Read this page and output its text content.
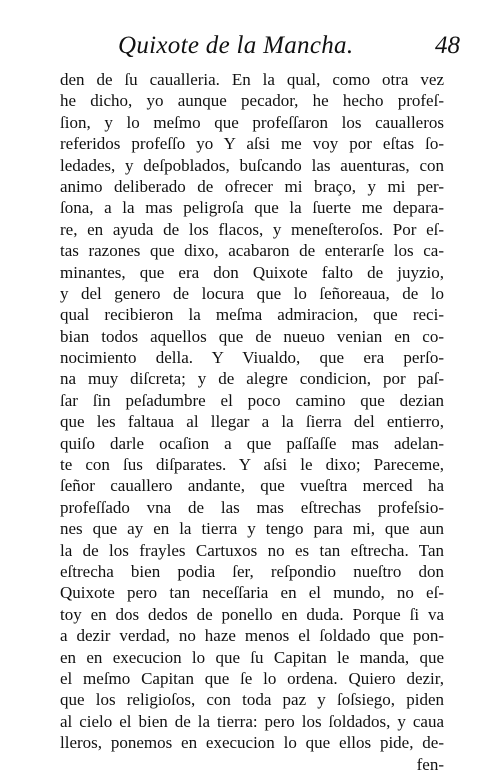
Quixote de la Mancha.	48
den de ſu caualleria. En la qual, como otra vez
he dicho, yo aunque pecador, he hecho profeſ-
ſion, y lo meſmo que profeſſaron los caualleros
referidos profeſſo yo Y aſsi me voy por eſtas ſo-
ledades, y deſpoblados, buſcando las auenturas, con
animo deliberado de ofrecer mi braço, y mi per-
ſona, a la mas peligroſa que la ſuerte me depara-
re, en ayuda de los flacos, y meneſteroſos. Por eſ-
tas razones que dixo, acabaron de enterarſe los ca-
minantes, que era don Quixote falto de juyzio,
y del genero de locura que lo ſeñoreaua, de lo
qual recibieron la meſma admiracion, que reci-
bian todos aquellos que de nueuo venian en co-
nocimiento della. Y Viualdo, que era perſo-
na muy diſcreta; y de alegre condicion, por paſ-
ſar ſin peſadumbre el poco camino que dezian
que les faltaua al llegar a la ſierra del entierro,
quiſo darle ocaſion a que paſſaſſe mas adelan-
te con ſus diſparates. Y aſsi le dixo; Pareceme,
ſeñor cauallero andante, que vueſtra merced ha
profeſſado vna de las mas eſtrechas profeſsio-
nes que ay en la tierra y tengo para mi, que aun
la de los frayles Cartuxos no es tan eſtrecha. Tan
eſtrecha bien podia ſer, reſpondio nueſtro don
Quixote pero tan neceſſaria en el mundo, no eſ-
toy en dos dedos de ponello en duda. Porque ſi va
a dezir verdad, no haze menos el ſoldado que pon-
en en execucion lo que ſu Capitan le manda, que
el meſmo Capitan que ſe lo ordena. Quiero dezir,
que los religioſos, con toda paz y ſoſsiego, piden
al cielo el bien de la tierra: pero los ſoldados, y caua
lleros, ponemos en execucion lo que ellos pide, de-
fen-
